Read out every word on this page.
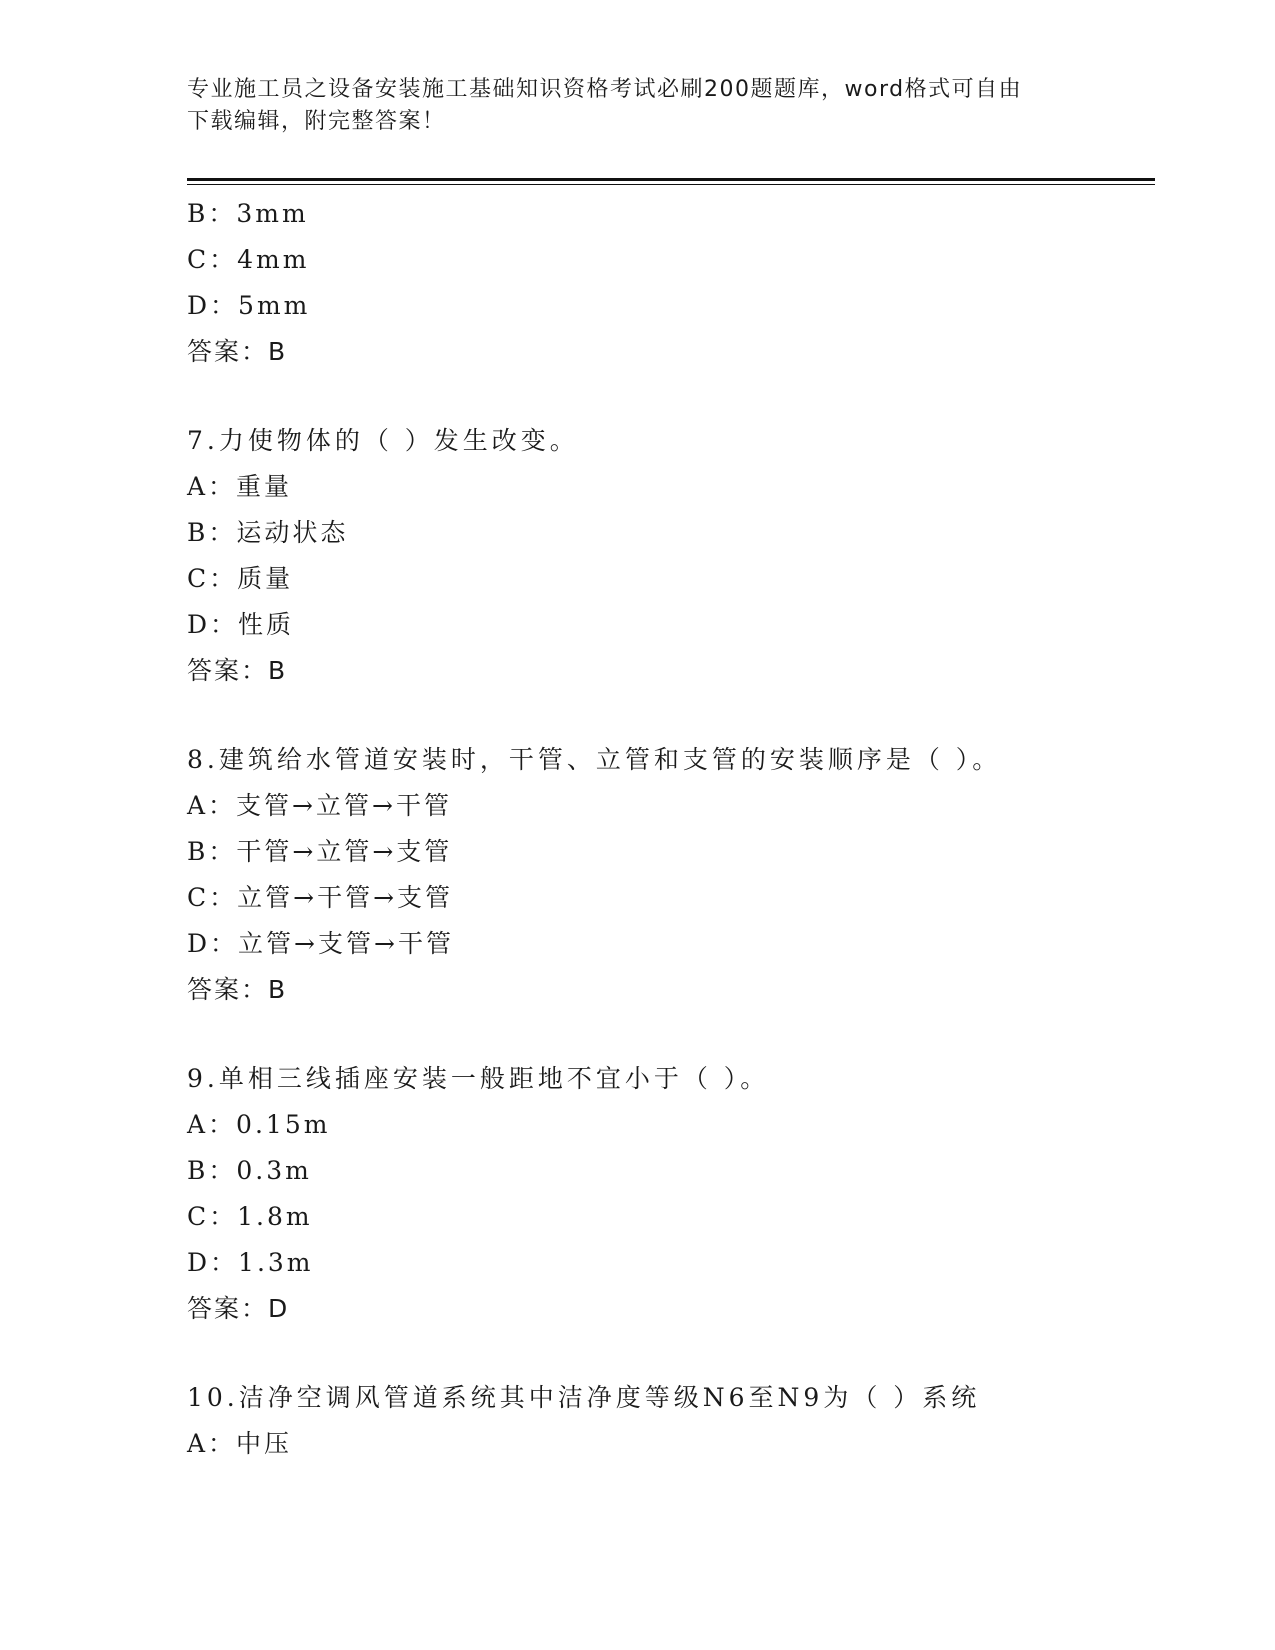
专业施工员之设备安装施工基础知识资格考试必刷200题题库，word格式可自由
下载编辑，附完整答案！
B：3mm
C：4mm
D：5mm
答案：B
7.力使物体的（ ）发生改变。
A：重量
B：运动状态
C：质量
D：性质
答案：B
8.建筑给水管道安装时，干管、立管和支管的安装顺序是（ ）。
A：支管→立管→干管
B：干管→立管→支管
C：立管→干管→支管
D：立管→支管→干管
答案：B
9.单相三线插座安装一般距地不宜小于（ ）。
A：0.15m
B：0.3m
C：1.8m
D：1.3m
答案：D
10.洁净空调风管道系统其中洁净度等级N6至N9为（ ）系统
A：中压
